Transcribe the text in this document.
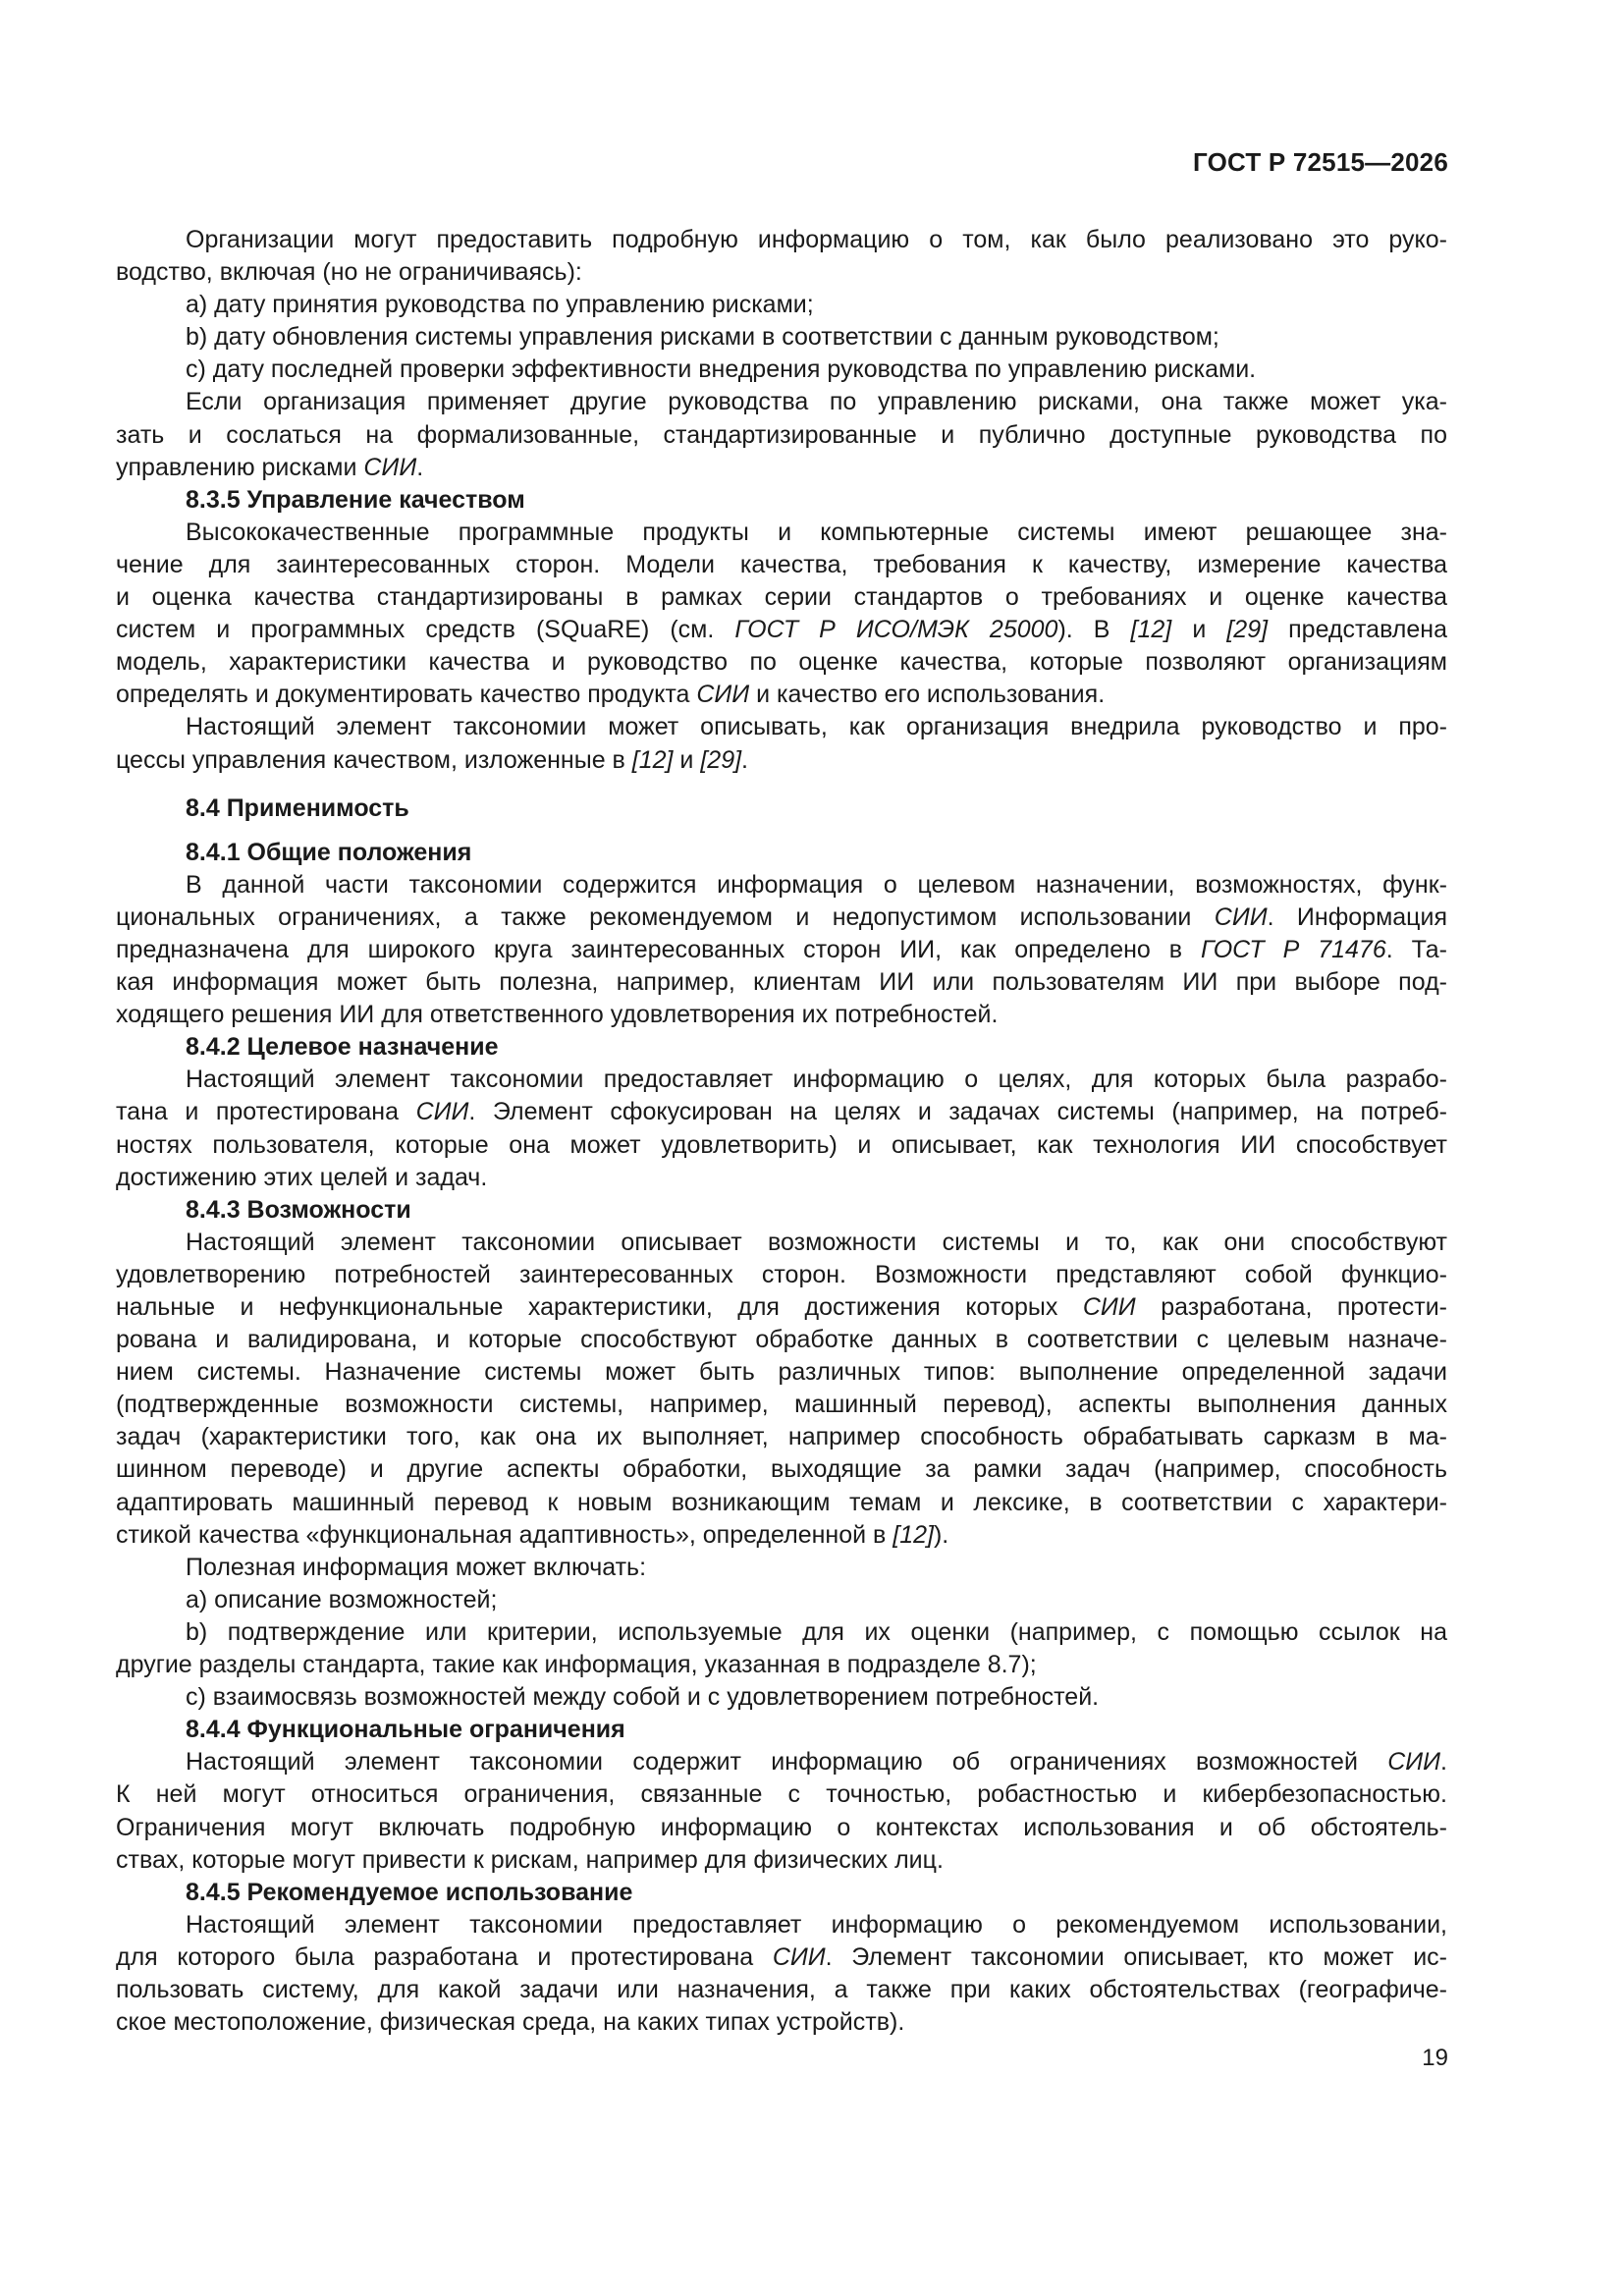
ГОСТ Р 72515—2026
Организации могут предоставить подробную информацию о том, как было реализовано это руко-
водство, включая (но не ограничиваясь):
a) дату принятия руководства по управлению рисками;
b) дату обновления системы управления рисками в соответствии с данным руководством;
c) дату последней проверки эффективности внедрения руководства по управлению рисками.
Если организация применяет другие руководства по управлению рисками, она также может ука-
зать и сослаться на формализованные, стандартизированные и публично доступные руководства по
управлению рисками СИИ.
8.3.5 Управление качеством
Высококачественные программные продукты и компьютерные системы имеют решающее зна-
чение для заинтересованных сторон. Модели качества, требования к качеству, измерение качества
и оценка качества стандартизированы в рамках серии стандартов о требованиях и оценке качества
систем и программных средств (SQuaRE) (см. ГОСТ Р ИСО/МЭК 25000). В [12] и [29] представлена
модель, характеристики качества и руководство по оценке качества, которые позволяют организациям
определять и документировать качество продукта СИИ и качество его использования.
Настоящий элемент таксономии может описывать, как организация внедрила руководство и про-
цессы управления качеством, изложенные в [12] и [29].
8.4 Применимость
8.4.1 Общие положения
В данной части таксономии содержится информация о целевом назначении, возможностях, функ-
циональных ограничениях, а также рекомендуемом и недопустимом использовании СИИ. Информация
предназначена для широкого круга заинтересованных сторон ИИ, как определено в ГОСТ Р 71476. Та-
кая информация может быть полезна, например, клиентам ИИ или пользователям ИИ при выборе под-
ходящего решения ИИ для ответственного удовлетворения их потребностей.
8.4.2 Целевое назначение
Настоящий элемент таксономии предоставляет информацию о целях, для которых была разрабо-
тана и протестирована СИИ. Элемент сфокусирован на целях и задачах системы (например, на потреб-
ностях пользователя, которые она может удовлетворить) и описывает, как технология ИИ способствует
достижению этих целей и задач.
8.4.3 Возможности
Настоящий элемент таксономии описывает возможности системы и то, как они способствуют
удовлетворению потребностей заинтересованных сторон. Возможности представляют собой функцио-
нальные и нефункциональные характеристики, для достижения которых СИИ разработана, протести-
рована и валидирована, и которые способствуют обработке данных в соответствии с целевым назначе-
нием системы. Назначение системы может быть различных типов: выполнение определенной задачи
(подтвержденные возможности системы, например, машинный перевод), аспекты выполнения данных
задач (характеристики того, как она их выполняет, например способность обрабатывать сарказм в ма-
шинном переводе) и другие аспекты обработки, выходящие за рамки задач (например, способность
адаптировать машинный перевод к новым возникающим темам и лексике, в соответствии с характери-
стикой качества «функциональная адаптивность», определенной в [12]).
Полезная информация может включать:
a) описание возможностей;
b) подтверждение или критерии, используемые для их оценки (например, с помощью ссылок на
другие разделы стандарта, такие как информация, указанная в подразделе 8.7);
c) взаимосвязь возможностей между собой и с удовлетворением потребностей.
8.4.4 Функциональные ограничения
Настоящий элемент таксономии содержит информацию об ограничениях возможностей СИИ.
К ней могут относиться ограничения, связанные с точностью, робастностью и кибербезопасностью.
Ограничения могут включать подробную информацию о контекстах использования и об обстоятель-
ствах, которые могут привести к рискам, например для физических лиц.
8.4.5 Рекомендуемое использование
Настоящий элемент таксономии предоставляет информацию о рекомендуемом использовании,
для которого была разработана и протестирована СИИ. Элемент таксономии описывает, кто может ис-
пользовать систему, для какой задачи или назначения, а также при каких обстоятельствах (географиче-
ское местоположение, физическая среда, на каких типах устройств).
19
